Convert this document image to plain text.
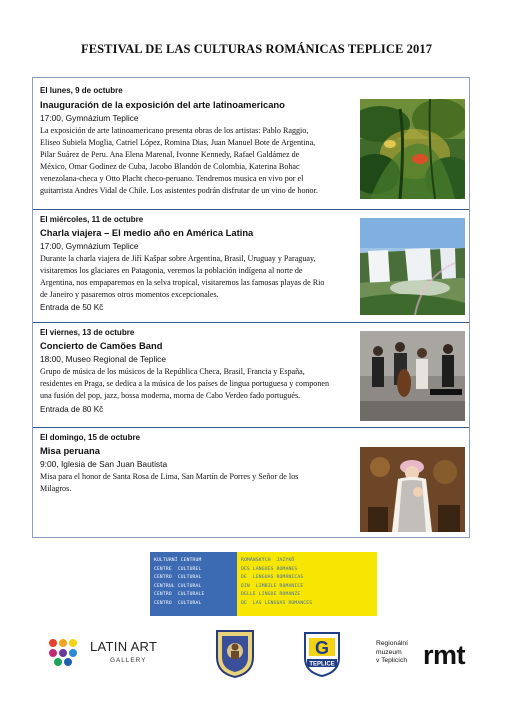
FESTIVAL DE LAS CULTURAS ROMÁNICAS TEPLICE 2017
El lunes, 9 de octubre
Inauguración de la exposición del arte latinoamericano
17:00, Gymnázium Teplice
La exposición de arte latinoamericano presenta obras de los artistas: Pablo Raggio,
Eliseo Subiela Moglia, Catriel López, Romina Dias, Juan Manuel Bote de Argentina,
Pilar Suárez de Peru. Ana Elena Marenal, Ivonne Kennedy, Rafael Galdámez de
México, Omar Godinez de Cuba, Jacobo Blandón de Colombia, Katerina Bohac
venezolana-checa y Otto Placht checo-peruano. Tendremos musica en vivo por el
guitarrista Andres Vidal de Chile. Los asistentes podrán disfrutar de un vino de honor.
El miércoles, 11 de octubre
Charla viajera – El medio año en América Latina
17:00, Gymnázium Teplice
Durante la charla viajera de Jiří Kašpar sobre Argentina, Brasil, Uruguay y Paraguay,
visitaremos los glaciares en Patagonia, veremos la población indígena al norte de
Argentina, nos empaparemos en la selva tropical, visitaremos las famosas playas de Rio
de Janeiro y pasaremos otros momentos excepcionales.
Entrada de 50 Kč
El viernes, 13 de octubre
Concierto de Camões Band
18:00, Museo Regional de Teplice
Grupo de música de los músicos de la República Checa, Brasil, Francia y España,
residentes en Praga, se dedica a la música de los países de lingua portuguesa y componen
una fusión del pop, jazz, bossa moderna, morna de Cabo Verdeo fado portugués.
Entrada de 80 Kč
El domingo, 15 de octubre
Misa peruana
9:00, Iglesia de San Juan Bautista
Misa para el honor de Santa Rosa de Lima, San Martín de Porres y Señor de los
Milagros.
KULTURNÍ CENTRUM
CENTRE  CULTUREL
CENTRO  CULTURAL
CENTRUL CULTURAL
CENTRO  CULTURALE
CENTRO  CULTURAL
ROMÁNSKÝCH  JAZYKŮ
DES LANGUES ROMANES
DE  LENGUAS ROMÁNICAS
DIN  LIMBILE ROMANICE
DELLE LINGUE ROMANZE
DE  LAS LENGUAS ROMANCES
LATIN ART
GALLERY
G
TEPLICE
Regionální
muzeum
v Teplicích rmt
